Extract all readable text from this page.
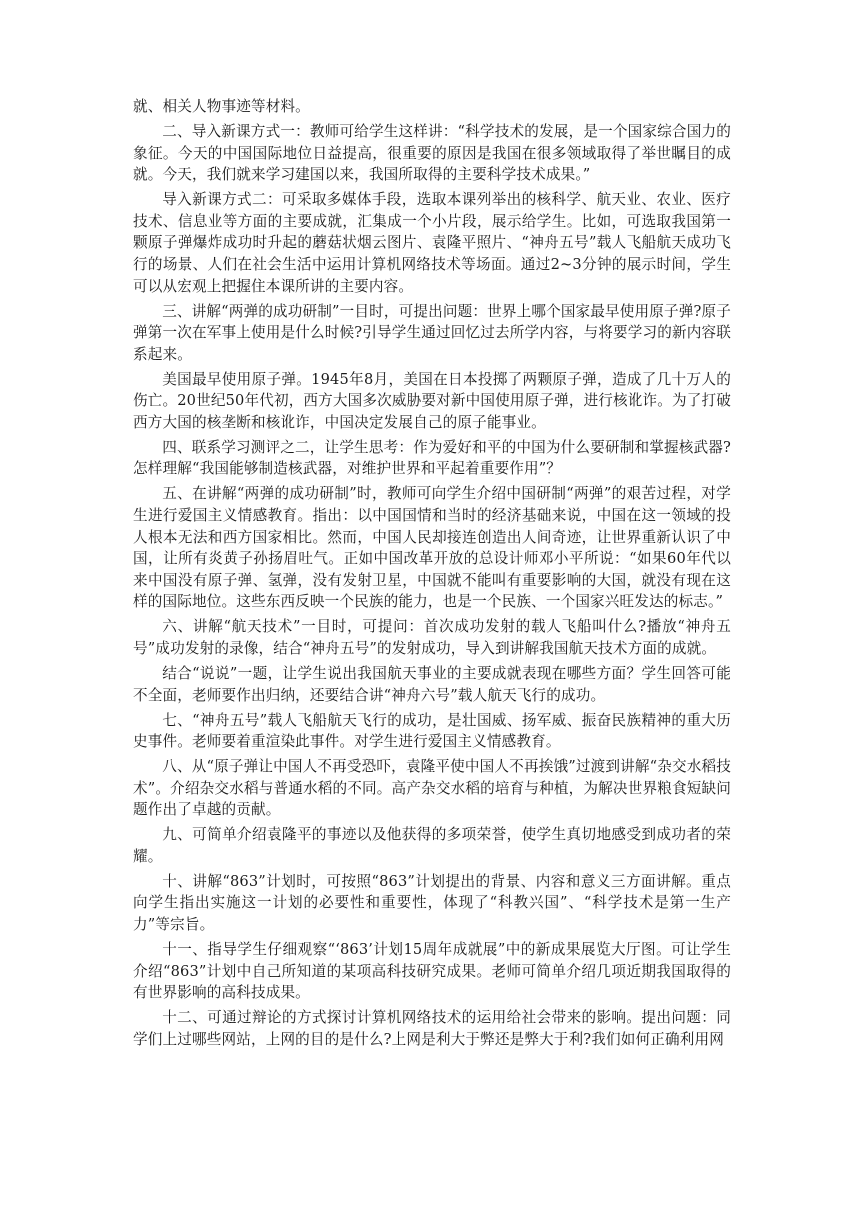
就、相关人物事迹等材料。

二、导入新课方式一：教师可给学生这样讲：“科学技术的发展，是一个国家综合国力的象征。今天的中国国际地位日益提高，很重要的原因是我国在很多领域取得了举世瞩目的成就。今天，我们就来学习建国以来，我国所取得的主要科学技术成果。”

导入新课方式二：可采取多媒体手段，选取本课列举出的核科学、航天业、农业、医疗技术、信息业等方面的主要成就，汇集成一个小片段，展示给学生。比如，可选取我国第一颗原子弹爆炸成功时升起的蘑菇状烟云图片、袁隆平照片、“神舟五号”载人飞船航天成功飞行的场景、人们在社会生活中运用计算机网络技术等场面。通过2~3分钟的展示时间，学生可以从宏观上把握住本课所讲的主要内容。

三、讲解“两弹的成功研制”一目时，可提出问题：世界上哪个国家最早使用原子弹?原子弹第一次在军事上使用是什么时候?引导学生通过回忆过去所学内容，与将要学习的新内容联系起来。

美国最早使用原子弹。1945年8月，美国在日本投掷了两颗原子弹，造成了几十万人的伤亡。20世纪50年代初，西方大国多次威胁要对新中国使用原子弹，进行核讹诈。为了打破西方大国的核垄断和核讹诈，中国决定发展自己的原子能事业。

四、联系学习测评之二，让学生思考：作为爱好和平的中国为什么要研制和掌握核武器?怎样理解“我国能够制造核武器，对维护世界和平起着重要作用”？

五、在讲解“两弹的成功研制”时，教师可向学生介绍中国研制“两弹”的艰苦过程，对学生进行爱国主义情感教育。指出：以中国国情和当时的经济基础来说，中国在这一领域的投人根本无法和西方国家相比。然而，中国人民却接连创造出人间奇迹，让世界重新认识了中国，让所有炎黄子孙扬眉吐气。正如中国改革开放的总设计师邓小平所说：“如果60年代以来中国没有原子弹、氢弹，没有发射卫星，中国就不能叫有重要影响的大国，就没有现在这样的国际地位。这些东西反映一个民族的能力，也是一个民族、一个国家兴旺发达的标志。”

六、讲解“航天技术”一目时，可提问：首次成功发射的载人飞船叫什么?播放“神舟五号”成功发射的录像，结合“神舟五号”的发射成功，导入到讲解我国航天技术方面的成就。

结合“说说”一题，让学生说出我国航天事业的主要成就表现在哪些方面？学生回答可能不全面，老师要作出归纳，还要结合讲“神舟六号”载人航天飞行的成功。

七、“神舟五号”载人飞船航天飞行的成功，是壮国威、扬军威、振奋民族精神的重大历史事件。老师要着重渲染此事件。对学生进行爱国主义情感教育。

八、从“原子弹让中国人不再受恐吓，袁隆平使中国人不再挨饿”过渡到讲解“杂交水稻技术”。介绍杂交水稻与普通水稻的不同。高产杂交水稻的培育与种植，为解决世界粮食短缺问题作出了卓越的贡献。

九、可简单介绍袁隆平的事迹以及他获得的多项荣誉，使学生真切地感受到成功者的荣耀。

十、讲解“863”计划时，可按照“863”计划提出的背景、内容和意义三方面讲解。重点向学生指出实施这一计划的必要性和重要性，体现了“科教兴国”、“科学技术是第一生产力”等宗旨。

十一、指导学生仔细观察“‘863’计划15周年成就展”中的新成果展览大厅图。可让学生介绍“863”计划中自己所知道的某项高科技研究成果。老师可简单介绍几项近期我国取得的有世界影响的高科技成果。

十二、可通过辩论的方式探讨计算机网络技术的运用给社会带来的影响。提出问题：同学们上过哪些网站，上网的目的是什么?上网是利大于弊还是弊大于利?我们如何正确利用网
